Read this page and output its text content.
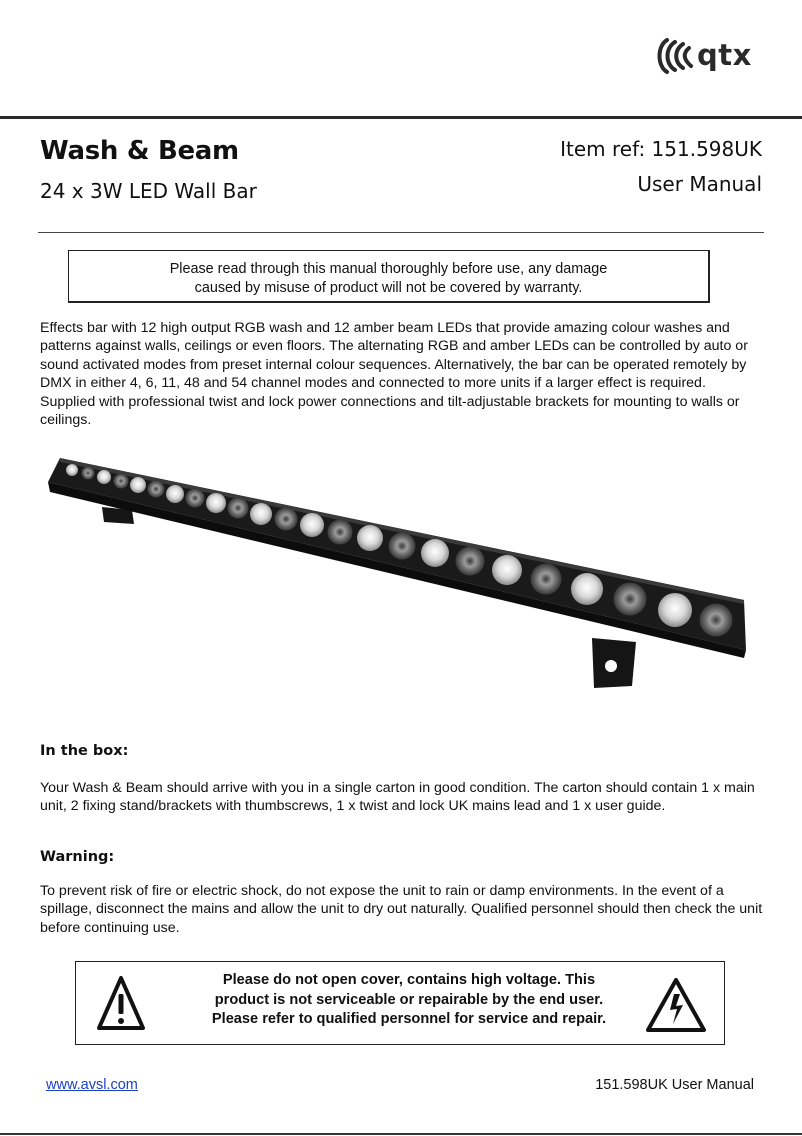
qtx
Wash & Beam
24 x 3W LED Wall Bar
Item ref: 151.598UK
User Manual
Please read through this manual thoroughly before use, any damage
caused by misuse of product will not be covered by warranty.

Effects bar with 12 high output RGB wash and 12 amber beam LEDs that provide amazing colour washes and patterns against walls, ceilings or even floors. The alternating RGB and amber LEDs can be controlled by auto or sound activated modes from preset internal colour sequences. Alternatively, the bar can be operated remotely by DMX in either 4, 6, 11, 48 and 54 channel modes and connected to more units if a larger effect is required. Supplied with professional twist and lock power connections and tilt-adjustable brackets for mounting to walls or ceilings.

In the box:

Your Wash & Beam should arrive with you in a single carton in good condition. The carton should contain 1 x main unit, 2 fixing stand/brackets with thumbscrews, 1 x twist and lock UK mains lead and 1 x user guide.

Warning:

To prevent risk of fire or electric shock, do not expose the unit to rain or damp environments. In the event of a spillage, disconnect the mains and allow the unit to dry out naturally. Qualified personnel should then check the unit before continuing use.

Please do not open cover, contains high voltage. This
product is not serviceable or repairable by the end user.
Please refer to qualified personnel for service and repair.
www.avsl.com	151.598UK User Manual
